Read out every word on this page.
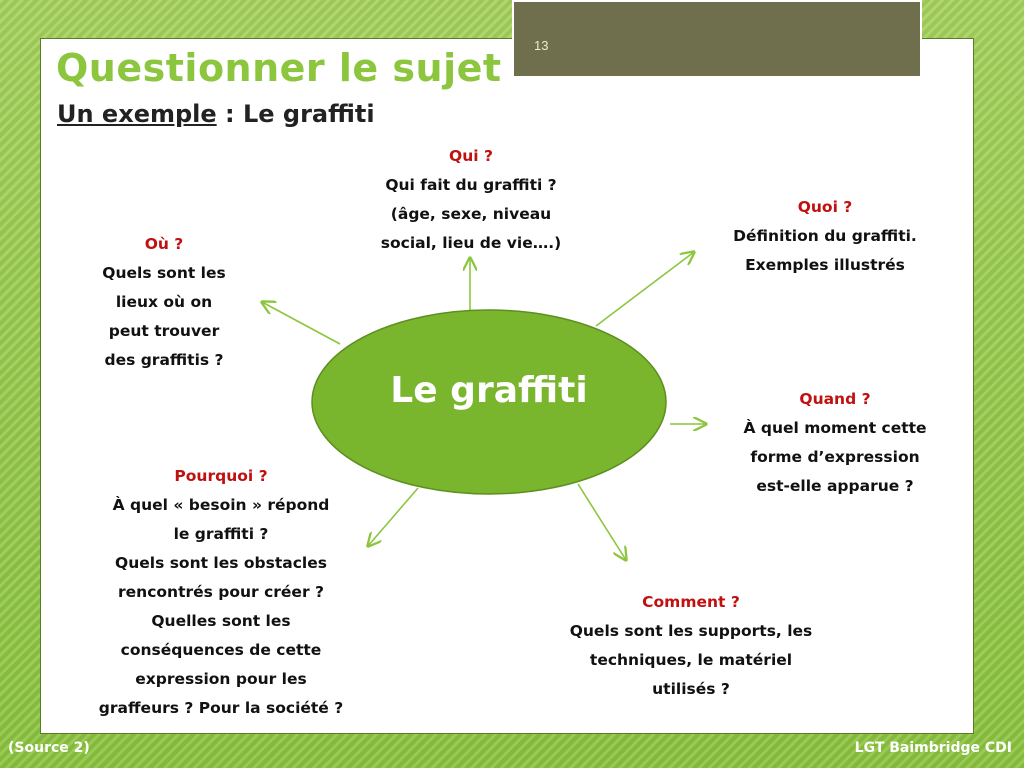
13
Questionner le sujet
Un exemple : Le graffiti
Le graffiti
Qui ?
Qui fait du graffiti ?
(âge, sexe, niveau
social, lieu de vie….)
Quoi ?
Définition du graffiti.
Exemples illustrés
Où ?
Quels sont les
lieux où on
peut trouver
des graffitis ?
Quand ?
À quel moment cette
forme d’expression
est-elle apparue ?
Pourquoi ?
À quel « besoin » répond
le graffiti ?
Quels sont les obstacles
rencontrés pour créer ?
Quelles sont les
conséquences de cette
expression pour les
graffeurs ? Pour la société ?
Comment ?
Quels sont les supports, les
techniques, le matériel
utilisés ?
(Source 2)	LGT Baimbridge CDI
